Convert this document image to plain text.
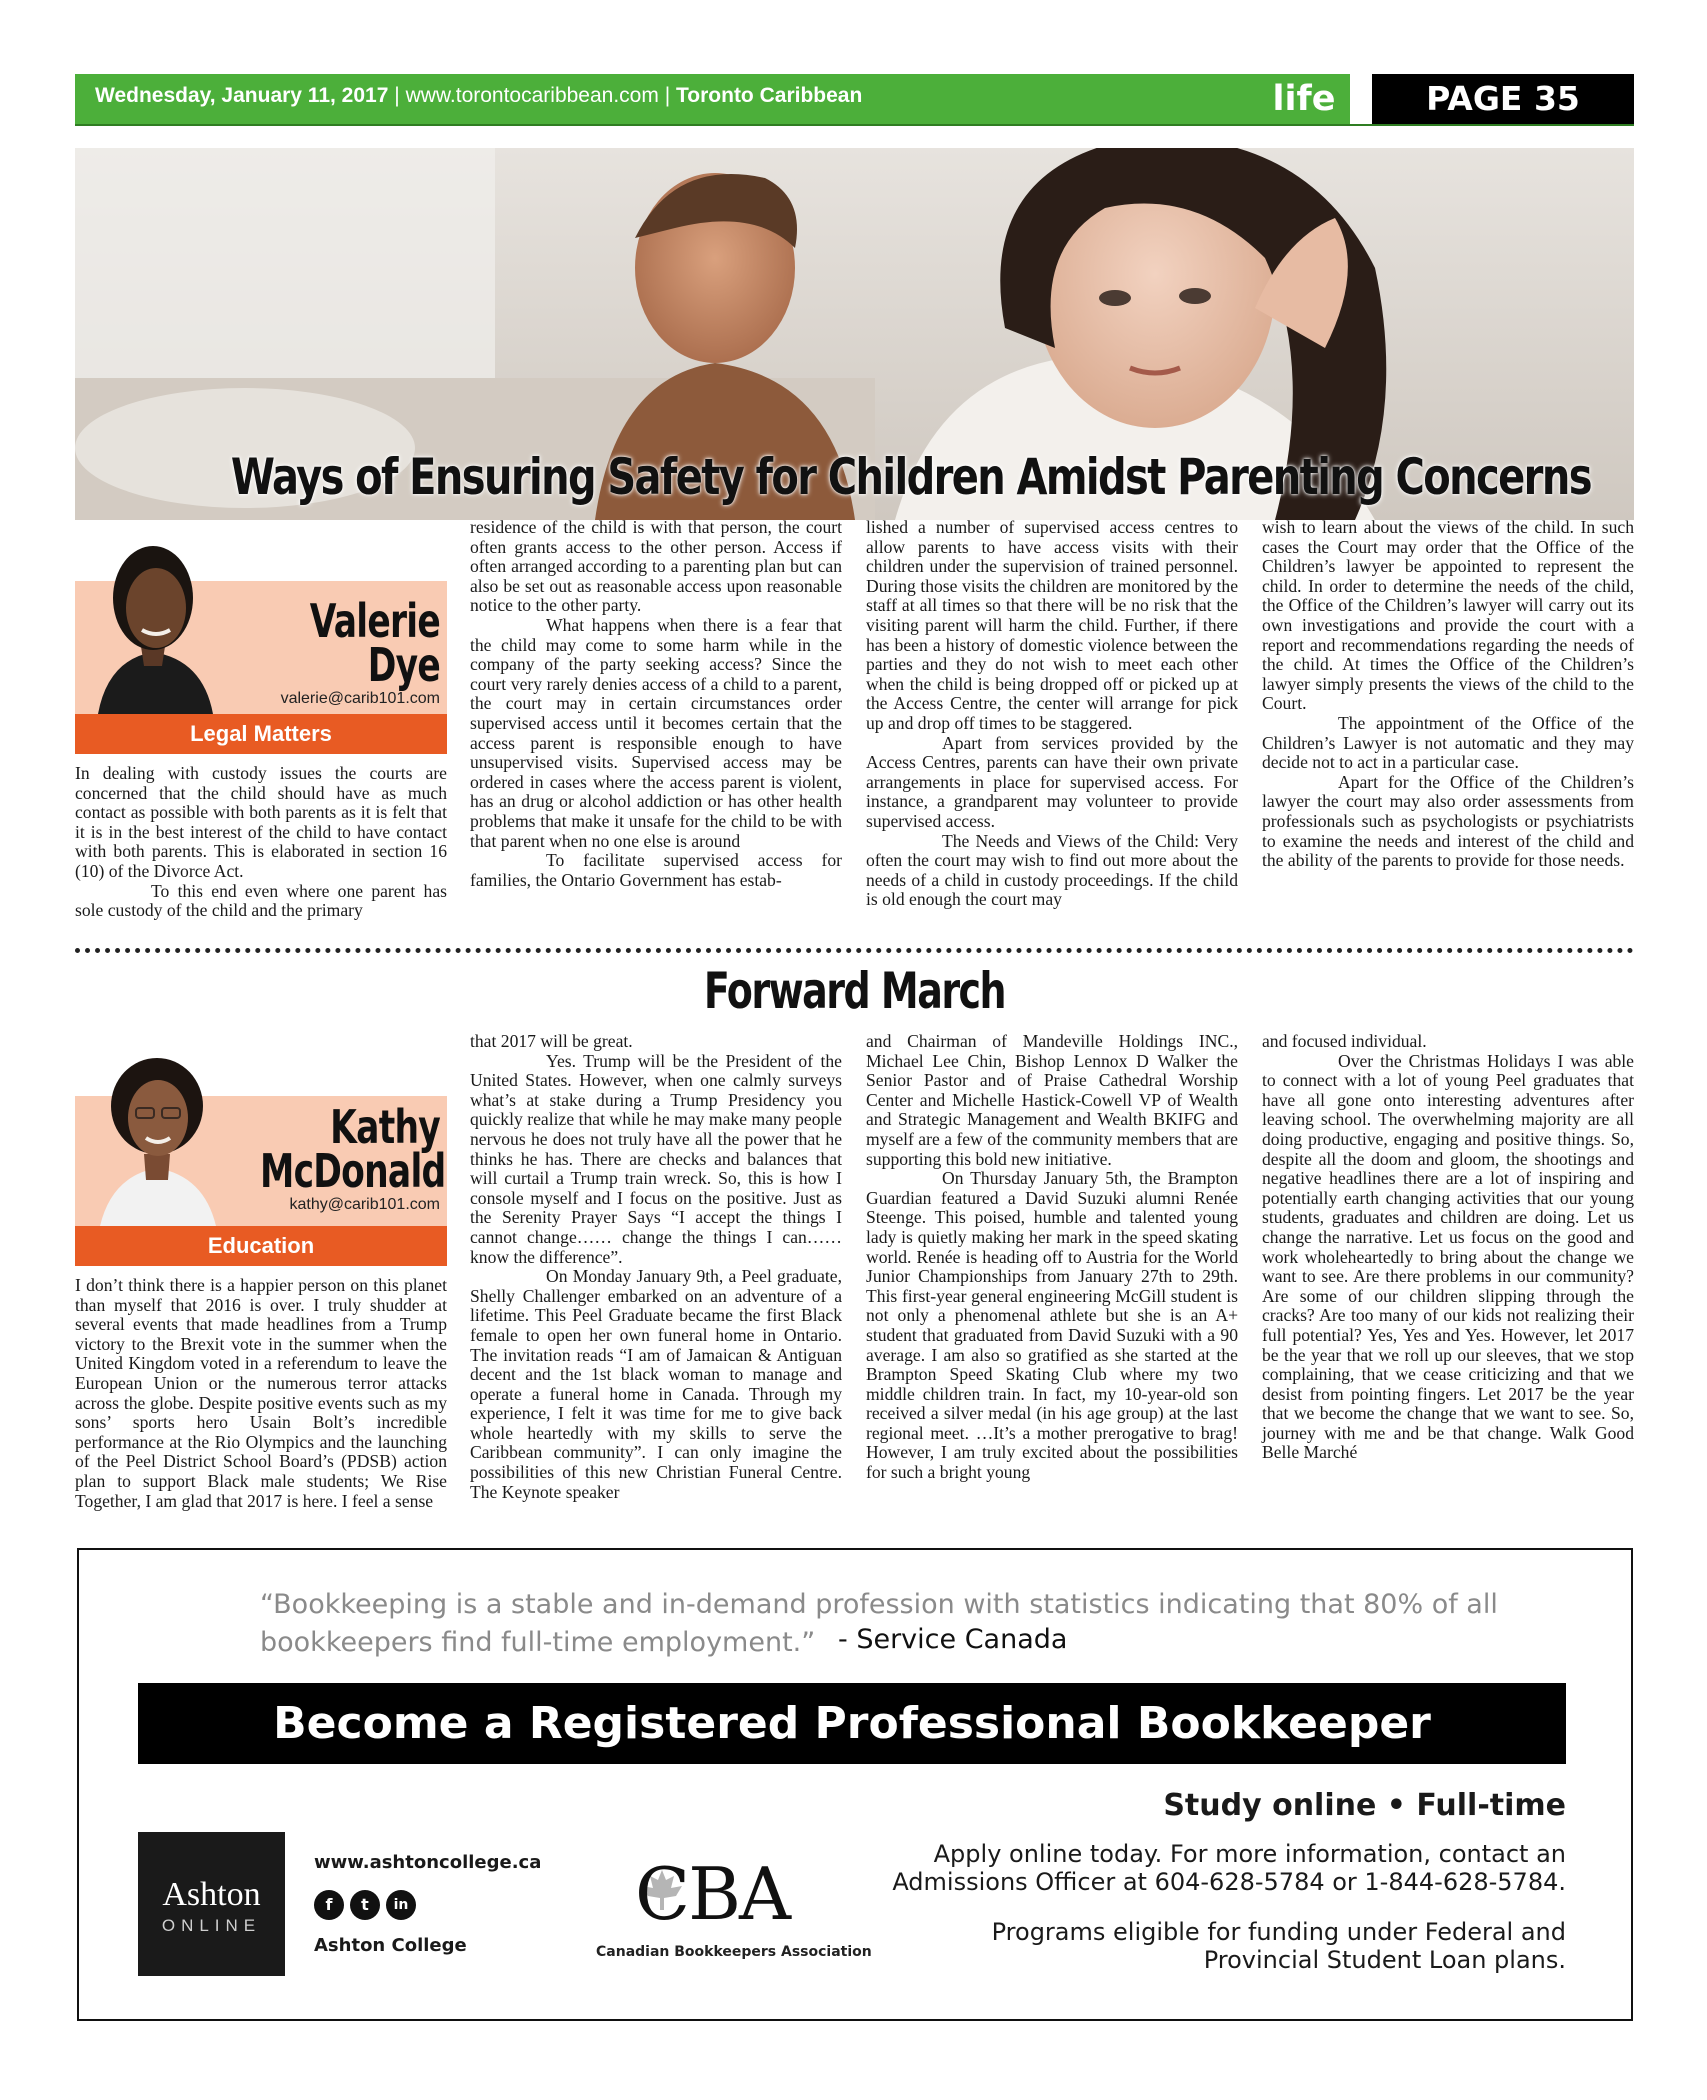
Wednesday, January 11, 2017 | www.torontocaribbean.com | Toronto Caribbean	life	PAGE 35
Ways of Ensuring Safety for Children Amidst Parenting Concerns
Valerie
Dye
valerie@carib101.com
Legal Matters

In dealing with custody issues the courts are concerned that the child should have as much contact as possible with both parents as it is felt that it is in the best interest of the child to have contact with both parents. This is elaborated in section 16 (10) of the Divorce Act.

To this end even where one parent has sole custody of the child and the primary

residence of the child is with that person, the court often grants access to the other person. Access if often arranged according to a parenting plan but can also be set out as reasonable access upon reasonable notice to the other party.

What happens when there is a fear that the child may come to some harm while in the company of the party seeking access? Since the court very rarely denies access of a child to a parent, the court may in certain circumstances order supervised access until it becomes certain that the access parent is responsible enough to have unsupervised visits. Supervised access may be ordered in cases where the access parent is violent, has an drug or alcohol addiction or has other health problems that make it unsafe for the child to be with that parent when no one else is around

To facilitate supervised access for families, the Ontario Government has estab-

lished a number of supervised access centres to allow parents to have access visits with their children under the supervision of trained personnel. During those visits the children are monitored by the staff at all times so that there will be no risk that the visiting parent will harm the child. Further, if there has been a history of domestic violence between the parties and they do not wish to meet each other when the child is being dropped off or picked up at the Access Centre, the center will arrange for pick up and drop off times to be staggered.

Apart from services provided by the Access Centres, parents can have their own private arrangements in place for supervised access. For instance, a grandparent may volunteer to provide supervised access.

The Needs and Views of the Child: Very often the court may wish to find out more about the needs of a child in custody proceedings. If the child is old enough the court may

wish to learn about the views of the child. In such cases the Court may order that the Office of the Children’s lawyer be appointed to represent the child. In order to determine the needs of the child, the Office of the Children’s lawyer will carry out its own investigations and provide the court with a report and recommendations regarding the needs of the child. At times the Office of the Children’s lawyer simply presents the views of the child to the Court.

The appointment of the Office of the Children’s Lawyer is not automatic and they may decide not to act in a particular case.

Apart for the Office of the Children’s lawyer the court may also order assessments from professionals such as psychologists or psychiatrists to examine the needs and interest of the child and the ability of the parents to provide for those needs.

Forward March
Kathy
McDonald
kathy@carib101.com
Education

I don’t think there is a happier person on this planet than myself that 2016 is over. I truly shudder at several events that made headlines from a Trump victory to the Brexit vote in the summer when the United Kingdom voted in a referendum to leave the European Union or the numerous terror attacks across the globe. Despite positive events such as my sons’ sports hero Usain Bolt’s incredible performance at the Rio Olympics and the launching of the Peel District School Board’s (PDSB) action plan to support Black male students; We Rise Together, I am glad that 2017 is here. I feel a sense

that 2017 will be great.

Yes. Trump will be the President of the United States. However, when one calmly surveys what’s at stake during a Trump Presidency you quickly realize that while he may make many people nervous he does not truly have all the power that he thinks he has. There are checks and balances that will curtail a Trump train wreck. So, this is how I console myself and I focus on the positive. Just as the Serenity Prayer Says “I accept the things I cannot change…… change the things I can…… know the difference”.

On Monday January 9th, a Peel graduate, Shelly Challenger embarked on an adventure of a lifetime. This Peel Graduate became the first Black female to open her own funeral home in Ontario. The invitation reads “I am of Jamaican & Antiguan decent and the 1st black woman to manage and operate a funeral home in Canada. Through my experience, I felt it was time for me to give back whole heartedly with my skills to serve the Caribbean community”. I can only imagine the possibilities of this new Christian Funeral Centre. The Keynote speaker

and Chairman of Mandeville Holdings INC., Michael Lee Chin, Bishop Lennox D Walker the Senior Pastor and of Praise Cathedral Worship Center and Michelle Hastick-Cowell VP of Wealth and Strategic Management and Wealth BKIFG and myself are a few of the community members that are supporting this bold new initiative.

On Thursday January 5th, the Brampton Guardian featured a David Suzuki alumni Renée Steenge. This poised, humble and talented young lady is quietly making her mark in the speed skating world. Renée is heading off to Austria for the World Junior Championships from January 27th to 29th. This first-year general engineering McGill student is not only a phenomenal athlete but she is an A+ student that graduated from David Suzuki with a 90 average. I am also so gratified as she started at the Brampton Speed Skating Club where my two middle children train. In fact, my 10-year-old son received a silver medal (in his age group) at the last regional meet. …It’s a mother prerogative to brag! However, I am truly excited about the possibilities for such a bright young

and focused individual.

Over the Christmas Holidays I was able to connect with a lot of young Peel graduates that have all gone onto interesting adventures after leaving school. The overwhelming majority are all doing productive, engaging and positive things. So, despite all the doom and gloom, the shootings and negative headlines there are a lot of inspiring and potentially earth changing activities that our young students, graduates and children are doing. Let us change the narrative. Let us focus on the good and work wholeheartedly to bring about the change we want to see. Are there problems in our community? Are some of our children slipping through the cracks? Are too many of our kids not realizing their full potential? Yes, Yes and Yes. However, let 2017 be the year that we roll up our sleeves, that we stop complaining, that we cease criticizing and that we desist from pointing fingers. Let 2017 be the year that we become the change that we want to see. So, journey with me and be that change. Walk Good Belle Marché

“Bookkeeping is a stable and in-demand profession with statistics indicating that 80% of all bookkeepers find full-time employment.” - Service Canada
Become a Registered Professional Bookkeeper
Study online • Full-time
Apply online today. For more information, contact an
Admissions Officer at 604-628-5784 or 1-844-628-5784.
Programs eligible for funding under Federal and
Provincial Student Loan plans.
Ashton
ONLINE
www.ashtoncollege.ca
f	t	in
Ashton College
CBA
Canadian Bookkeepers Association
